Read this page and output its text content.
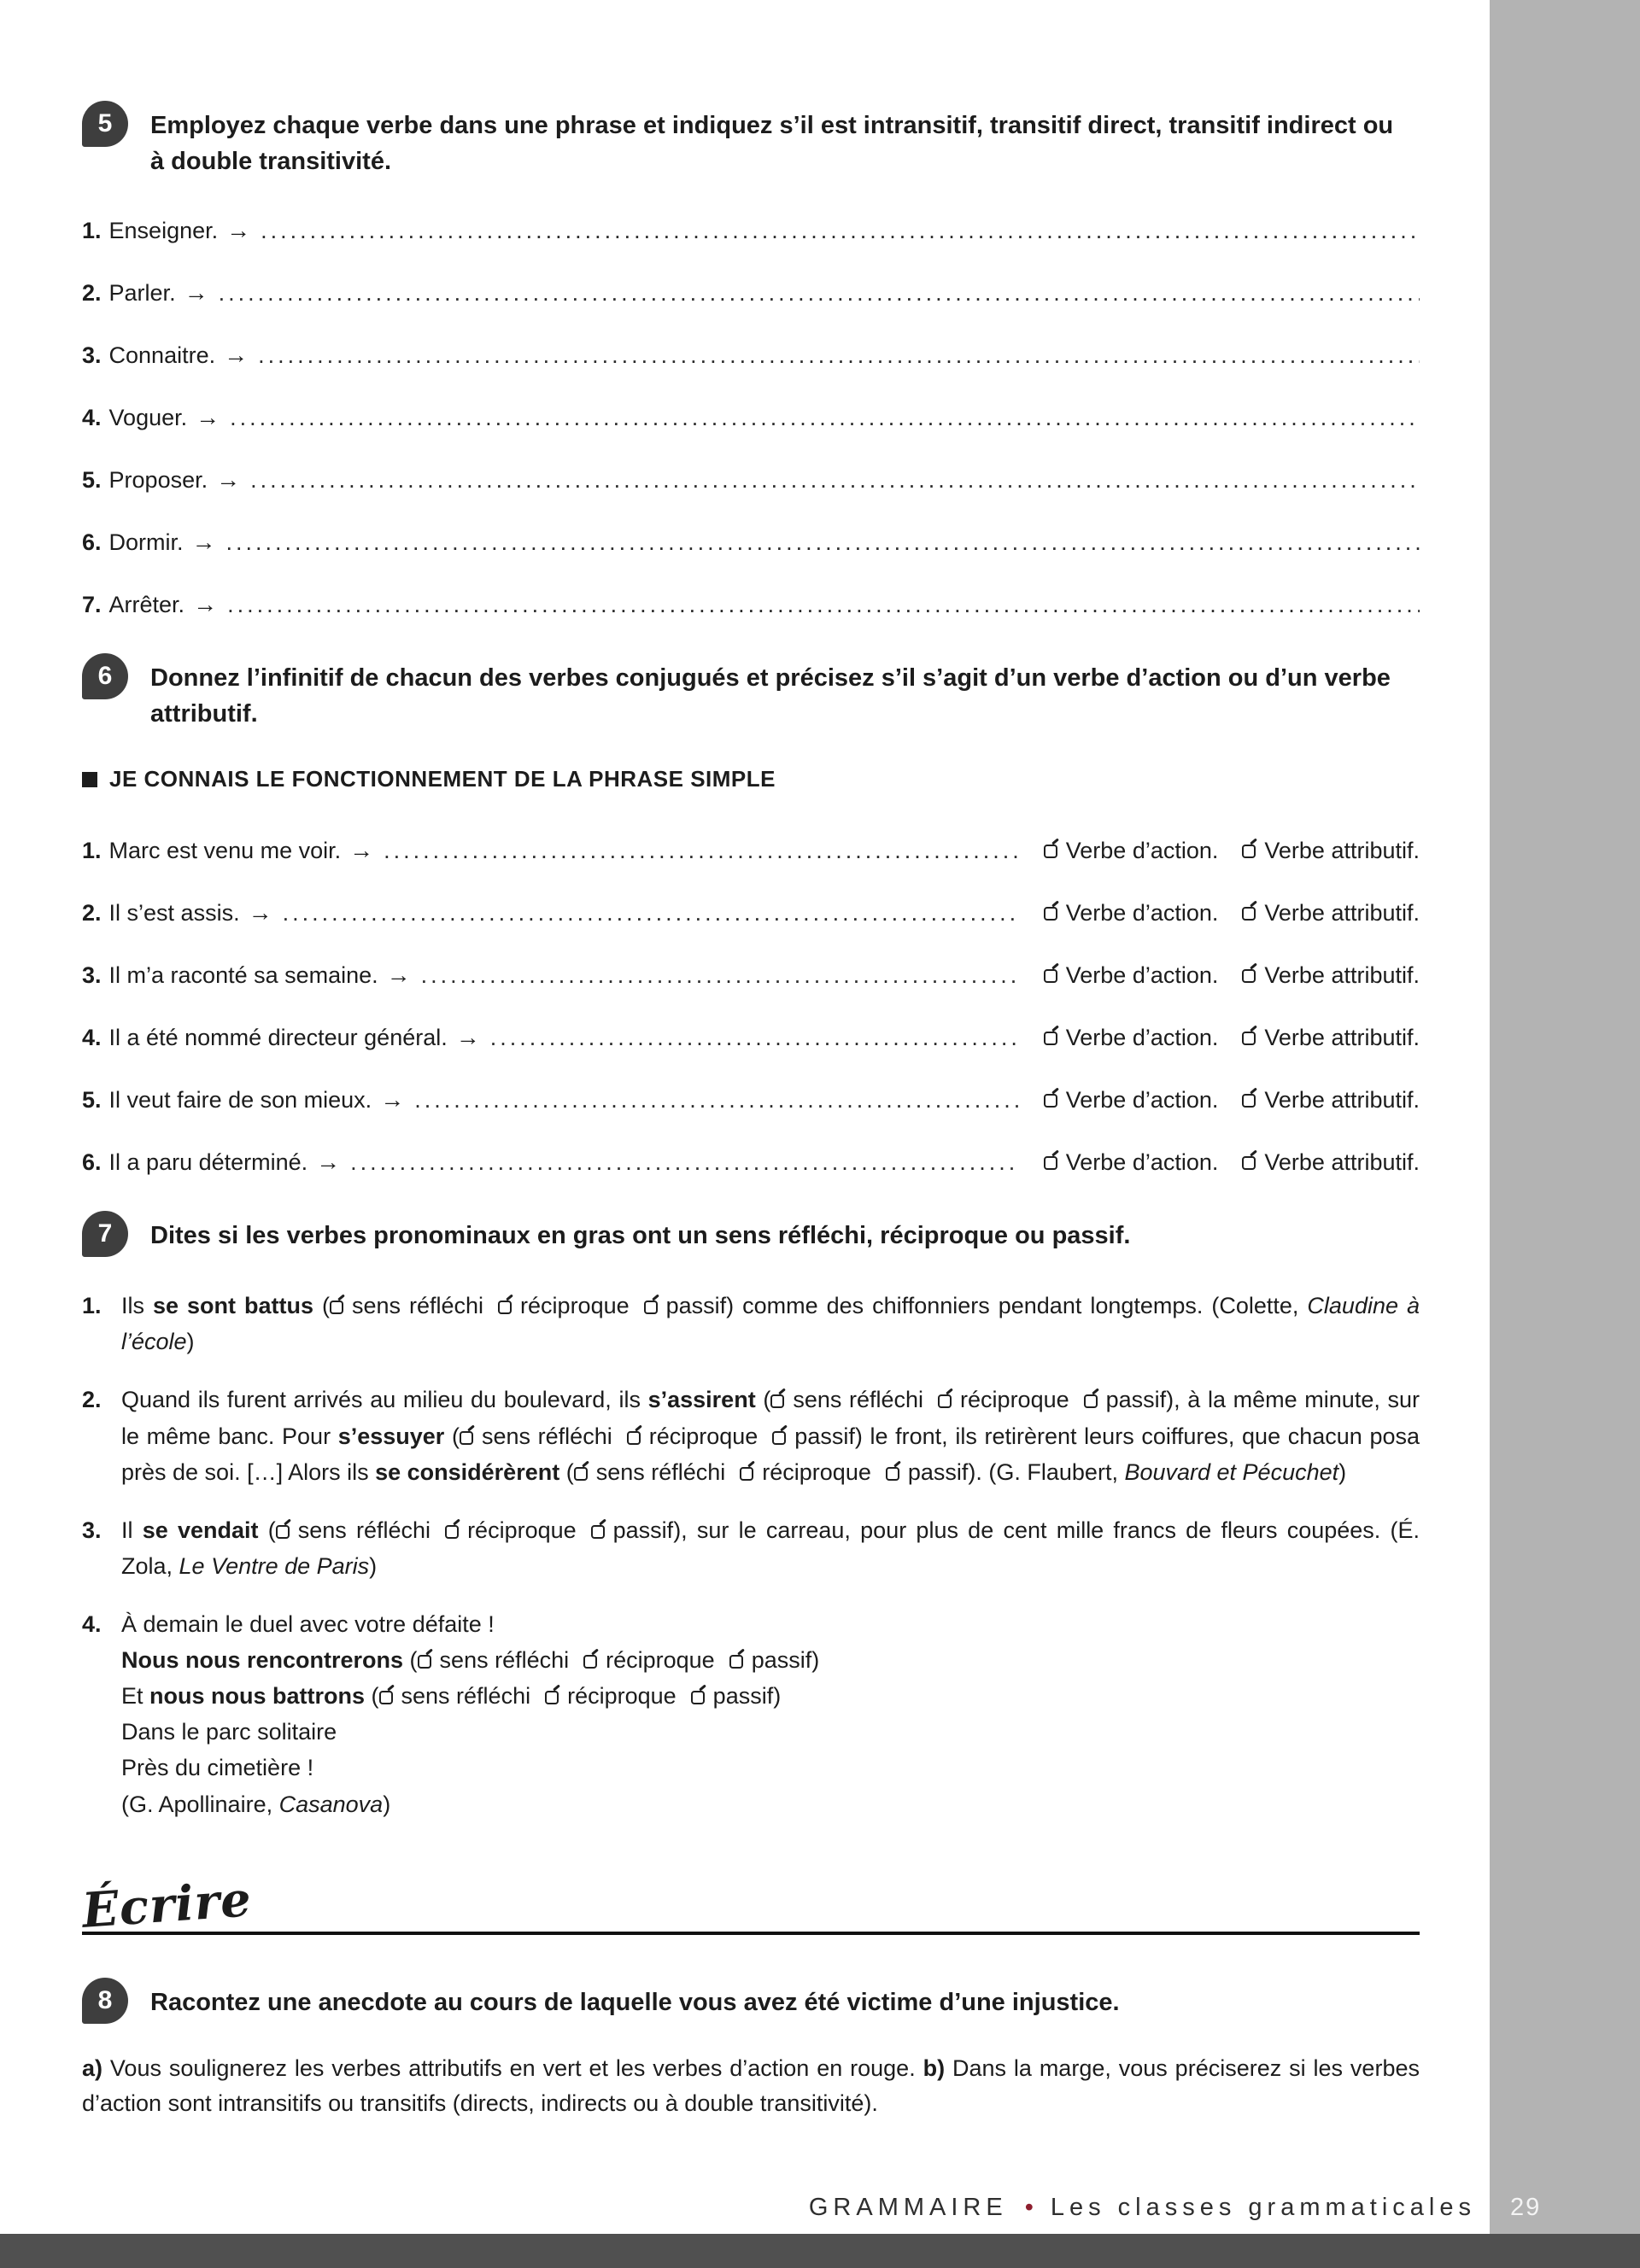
5	Employez chaque verbe dans une phrase et indiquez s’il est intransitif, transitif direct, transitif indirect ou à double transitivité.
1. Enseigner. →
.....
2. Parler. →
.....
3. Connaitre. →
.....
4. Voguer. →
.....
5. Proposer. →
.....
6. Dormir. →
.....
7. Arrêter. →
.....
6	Donnez l’infinitif de chacun des verbes conjugués et précisez s’il s’agit d’un verbe d’action ou d’un verbe attributif.

JE CONNAIS LE FONCTIONNEMENT DE LA PHRASE SIMPLE

1. Marc est venu me voir. → .....	Verbe d’action. Verbe attributif.
2. Il s’est assis. → .....	Verbe d’action. Verbe attributif.
3. Il m’a raconté sa semaine. → .....	Verbe d’action. Verbe attributif.
4. Il a été nommé directeur général. → .....	Verbe d’action. Verbe attributif.
5. Il veut faire de son mieux. → .....	Verbe d’action. Verbe attributif.
6. Il a paru déterminé. → .....	Verbe d’action. Verbe attributif.
7	Dites si les verbes pronominaux en gras ont un sens réfléchi, réciproque ou passif.

1. Ils se sont battus ( sens réfléchi réciproque passif) comme des chiffonniers pendant longtemps. (Colette, Claudine à l’école)

2. Quand ils furent arrivés au milieu du boulevard, ils s’assirent ( sens réfléchi réciproque passif), à la même minute, sur le même banc. Pour s’essuyer ( sens réfléchi réciproque passif) le front, ils retirèrent leurs coiffures, que chacun posa près de soi. […] Alors ils se considérèrent ( sens réfléchi réciproque passif). (G. Flaubert, Bouvard et Pécuchet)

3. Il se vendait ( sens réfléchi réciproque passif), sur le carreau, pour plus de cent mille francs de fleurs coupées. (É. Zola, Le Ventre de Paris)

4. À demain le duel avec votre défaite !
Nous nous rencontrerons ( sens réfléchi réciproque passif)
Et nous nous battrons ( sens réfléchi réciproque passif)
Dans le parc solitaire
Près du cimetière !
(G. Apollinaire, Casanova)
Écrire
8	Racontez une anecdote au cours de laquelle vous avez été victime d’une injustice.

a) Vous soulignerez les verbes attributifs en vert et les verbes d’action en rouge. b) Dans la marge, vous préciserez si les verbes d’action sont intransitifs ou transitifs (directs, indirects ou à double transitivité).

GRAMMAIRE • Les classes grammaticales 29
